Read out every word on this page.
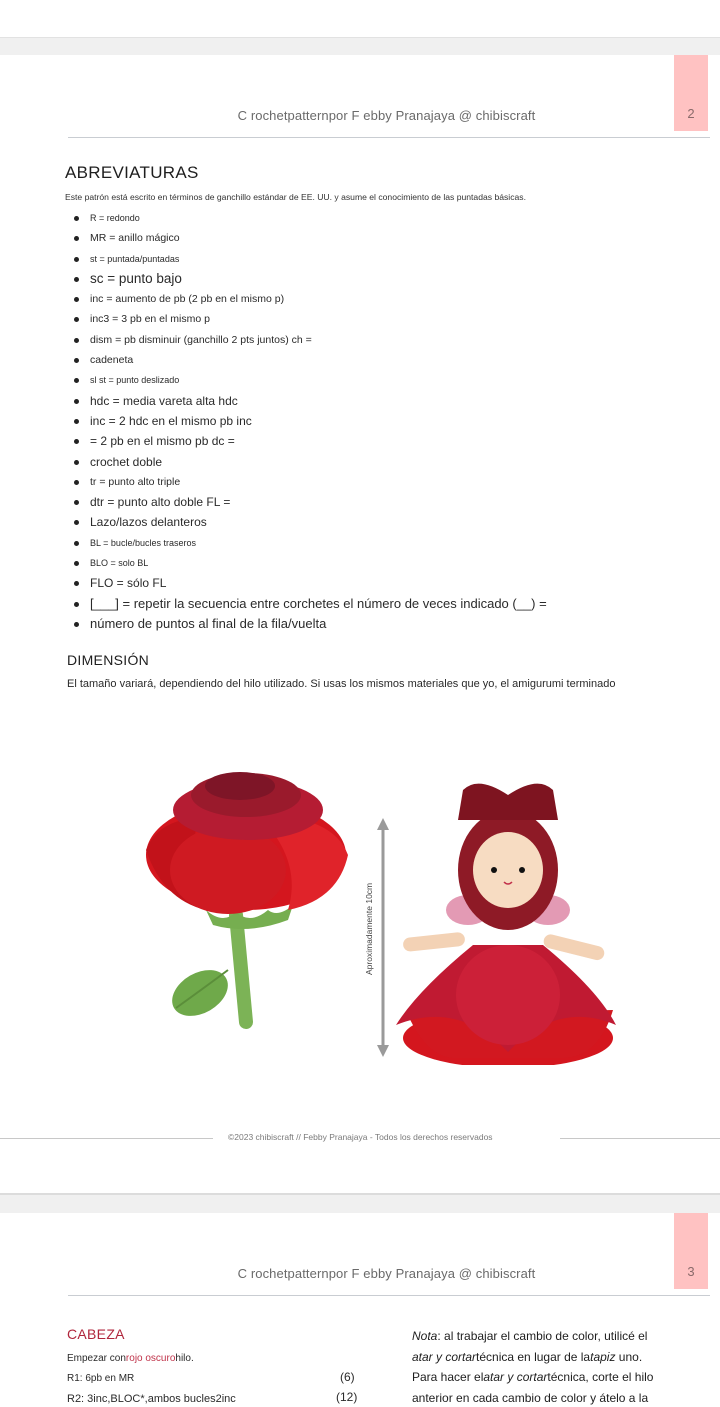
2
C rochetpatternpor F ebby Pranajaya @ chibiscraft
ABREVIATURAS
Este patrón está escrito en términos de ganchillo estándar de EE. UU. y asume el conocimiento de las puntadas básicas.
R = redondo
MR = anillo mágico
st = puntada/puntadas
sc = punto bajo
inc = aumento de pb (2 pb en el mismo p)
inc3 = 3 pb en el mismo p
dism = pb disminuir (ganchillo 2 pts juntos) ch =
cadeneta
sl st = punto deslizado
hdc = media vareta alta hdc
inc = 2 hdc en el mismo pb inc
= 2 pb en el mismo pb dc =
crochet doble
tr = punto alto triple
dtr = punto alto doble FL =
Lazo/lazos delanteros
BL = bucle/bucles traseros
BLO = solo BL
FLO = sólo FL
[___] = repetir la secuencia entre corchetes el número de veces indicado (__) =
número de puntos al final de la fila/vuelta
DIMENSIÓN
El tamaño variará, dependiendo del hilo utilizado. Si usas los mismos materiales que yo, el amigurumi terminado
Aproximadamente 10cm
©2023 chibiscraft // Febby Pranajaya - Todos los derechos reservados
3
C rochetpatternpor F ebby Pranajaya @ chibiscraft
CABEZA
Empezar conrojo oscurohilo.
R1: 6pb en MR	(6)
R2: 3inc,BLOC*,ambos bucles2inc	(12)
Nota: al trabajar el cambio de color, utilicé el
atar y cortartécnica en lugar de latapiz uno.
Para hacer elatar y cortartécnica, corte el hilo
anterior en cada cambio de color y átelo a la
